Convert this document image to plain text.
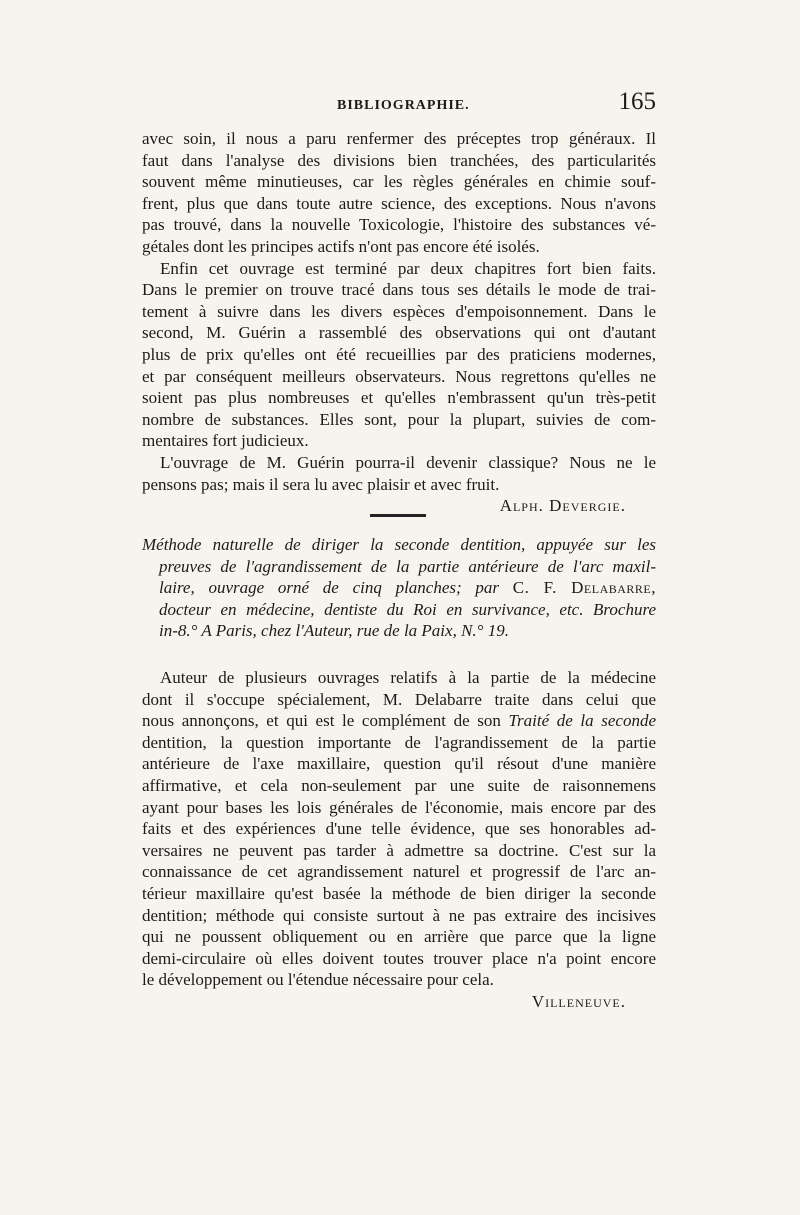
BIBLIOGRAPHIE.	165
avec soin, il nous a paru renfermer des préceptes trop généraux. Il
faut dans l'analyse des divisions bien tranchées, des particularités
souvent même minutieuses, car les règles générales en chimie souf-
frent, plus que dans toute autre science, des exceptions. Nous n'avons
pas trouvé, dans la nouvelle Toxicologie, l'histoire des substances vé-
gétales dont les principes actifs n'ont pas encore été isolés.
Enfin cet ouvrage est terminé par deux chapitres fort bien faits.
Dans le premier on trouve tracé dans tous ses détails le mode de trai-
tement à suivre dans les divers espèces d'empoisonnement. Dans le
second, M. Guérin a rassemblé des observations qui ont d'autant
plus de prix qu'elles ont été recueillies par des praticiens modernes,
et par conséquent meilleurs observateurs. Nous regrettons qu'elles ne
soient pas plus nombreuses et qu'elles n'embrassent qu'un très-petit
nombre de substances. Elles sont, pour la plupart, suivies de com-
mentaires fort judicieux.
L'ouvrage de M. Guérin pourra-il devenir classique? Nous ne le
pensons pas; mais il sera lu avec plaisir et avec fruit.
Alph. Devergie.
Méthode naturelle de diriger la seconde dentition, appuyée sur les
preuves de l'agrandissement de la partie antérieure de l'arc maxil-
laire, ouvrage orné de cinq planches; par C. F. Delabarre,
docteur en médecine, dentiste du Roi en survivance, etc. Brochure
in-8.° A Paris, chez l'Auteur, rue de la Paix, N.° 19.
Auteur de plusieurs ouvrages relatifs à la partie de la médecine
dont il s'occupe spécialement, M. Delabarre traite dans celui que
nous annonçons, et qui est le complément de son Traité de la seconde
dentition, la question importante de l'agrandissement de la partie
antérieure de l'axe maxillaire, question qu'il résout d'une manière
affirmative, et cela non-seulement par une suite de raisonnemens
ayant pour bases les lois générales de l'économie, mais encore par des
faits et des expériences d'une telle évidence, que ses honorables ad-
versaires ne peuvent pas tarder à admettre sa doctrine. C'est sur la
connaissance de cet agrandissement naturel et progressif de l'arc an-
térieur maxillaire qu'est basée la méthode de bien diriger la seconde
dentition; méthode qui consiste surtout à ne pas extraire des incisives
qui ne poussent obliquement ou en arrière que parce que la ligne
demi-circulaire où elles doivent toutes trouver place n'a point encore
le développement ou l'étendue nécessaire pour cela.
Villeneuve.
